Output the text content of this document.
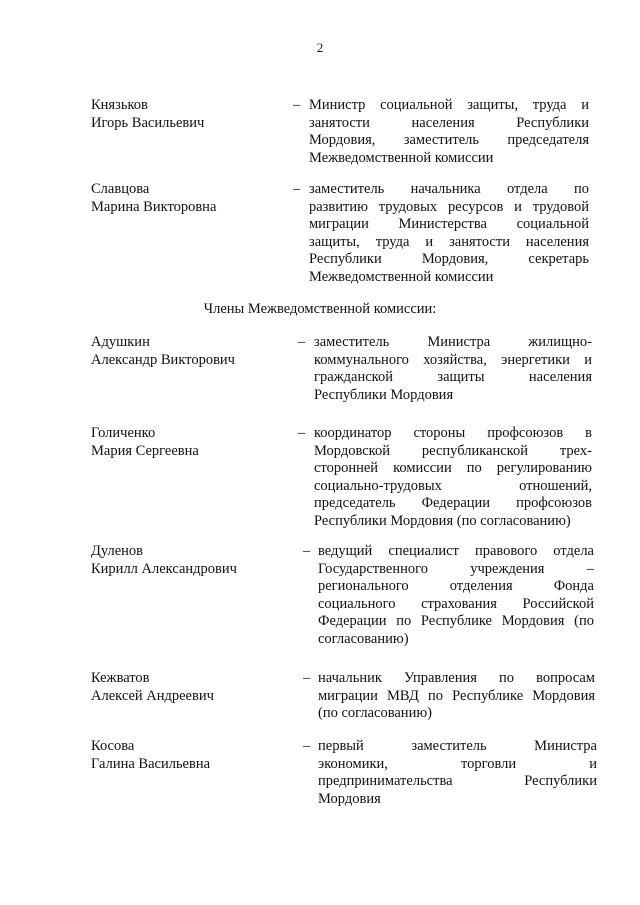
2
Члены Межведомственной комиссии:
Князьков
Игорь Васильевич
– Министр социальной защиты, труда и
занятости населения Республики
Мордовия, заместитель председателя
Межведомственной комиссии
Славцова
Марина Викторовна
– заместитель начальника отдела по
развитию трудовых ресурсов и трудовой
миграции Министерства социальной
защиты, труда и занятости населения
Республики Мордовия, секретарь
Межведомственной комиссии
Адушкин
Александр Викторович
– заместитель Министра жилищно-
коммунального хозяйства, энергетики и
гражданской защиты населения
Республики Мордовия
Голиченко
Мария Сергеевна
– координатор стороны профсоюзов в
Мордовской республиканской трех-
сторонней комиссии по регулированию
социально-трудовых отношений,
председатель Федерации профсоюзов
Республики Мордовия (по согласованию)
Дуленов
Кирилл Александрович
– ведущий специалист правового отдела
Государственного учреждения –
регионального отделения Фонда
социального страхования Российской
Федерации по Республике Мордовия (по
согласованию)
Кежватов
Алексей Андреевич
– начальник Управления по вопросам
миграции МВД по Республике Мордовия
(по согласованию)
Косова
Галина Васильевна
– первый заместитель Министра
экономики, торговли и
предпринимательства Республики
Мордовия
